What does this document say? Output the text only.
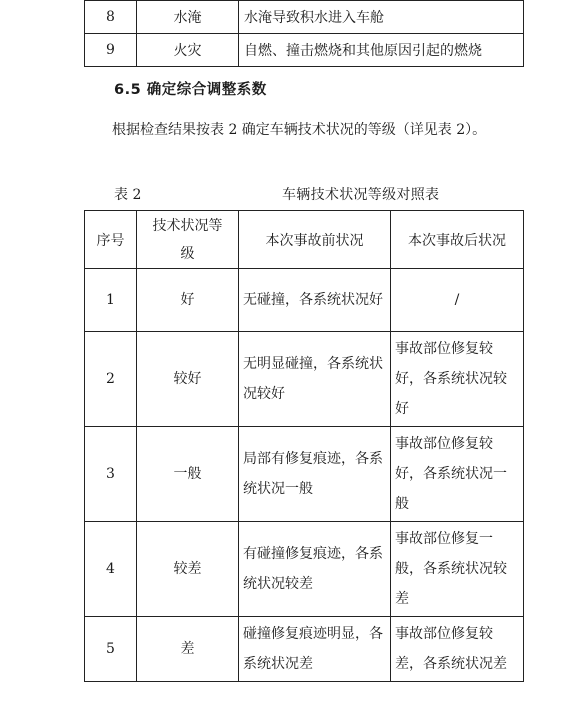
8	水淹	水淹导致积水进入车舱
9	火灾	自燃、撞击燃烧和其他原因引起的燃烧
6.5 确定综合调整系数
根据检查结果按表 2 确定车辆技术状况的等级（详见表 2）。
表 2	车辆技术状况等级对照表
序号	技术状况等级	本次事故前状况	本次事故后状况
1	好	无碰撞，各系统状况好	/
2	较好	无明显碰撞，各系统状况较好	事故部位修复较好，各系统状况较好
3	一般	局部有修复痕迹，各系统状况一般	事故部位修复较好，各系统状况一般
4	较差	有碰撞修复痕迹，各系统状况较差	事故部位修复一般，各系统状况较差
5	差	碰撞修复痕迹明显，各系统状况差	事故部位修复较差，各系统状况差
